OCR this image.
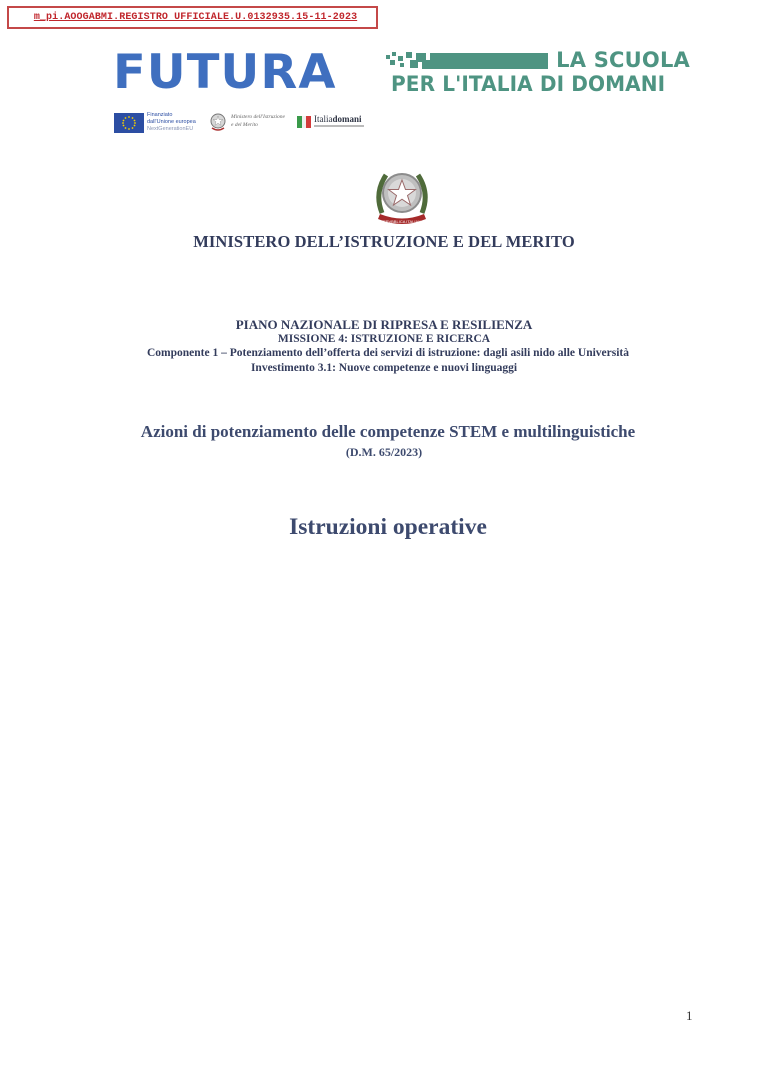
m_pi.AOOGABMI.REGISTRO UFFICIALE.U.0132935.15-11-2023
FUTURA	LA SCUOLA
PER L'ITALIA DI DOMANI
Finanziato
dall'Unione europea
NextGenerationEU
Ministero dell'Istruzione
e del Merito
Italiadomani
REPVBBLICA ITALIANA
MINISTERO DELL’ISTRUZIONE E DEL MERITO
PIANO NAZIONALE DI RIPRESA E RESILIENZA
MISSIONE 4: ISTRUZIONE E RICERCA
Componente 1 – Potenziamento dell’offerta dei servizi di istruzione: dagli asili nido alle Università
Investimento 3.1: Nuove competenze e nuovi linguaggi
Azioni di potenziamento delle competenze STEM e multilinguistiche
(D.M. 65/2023)
Istruzioni operative
1
